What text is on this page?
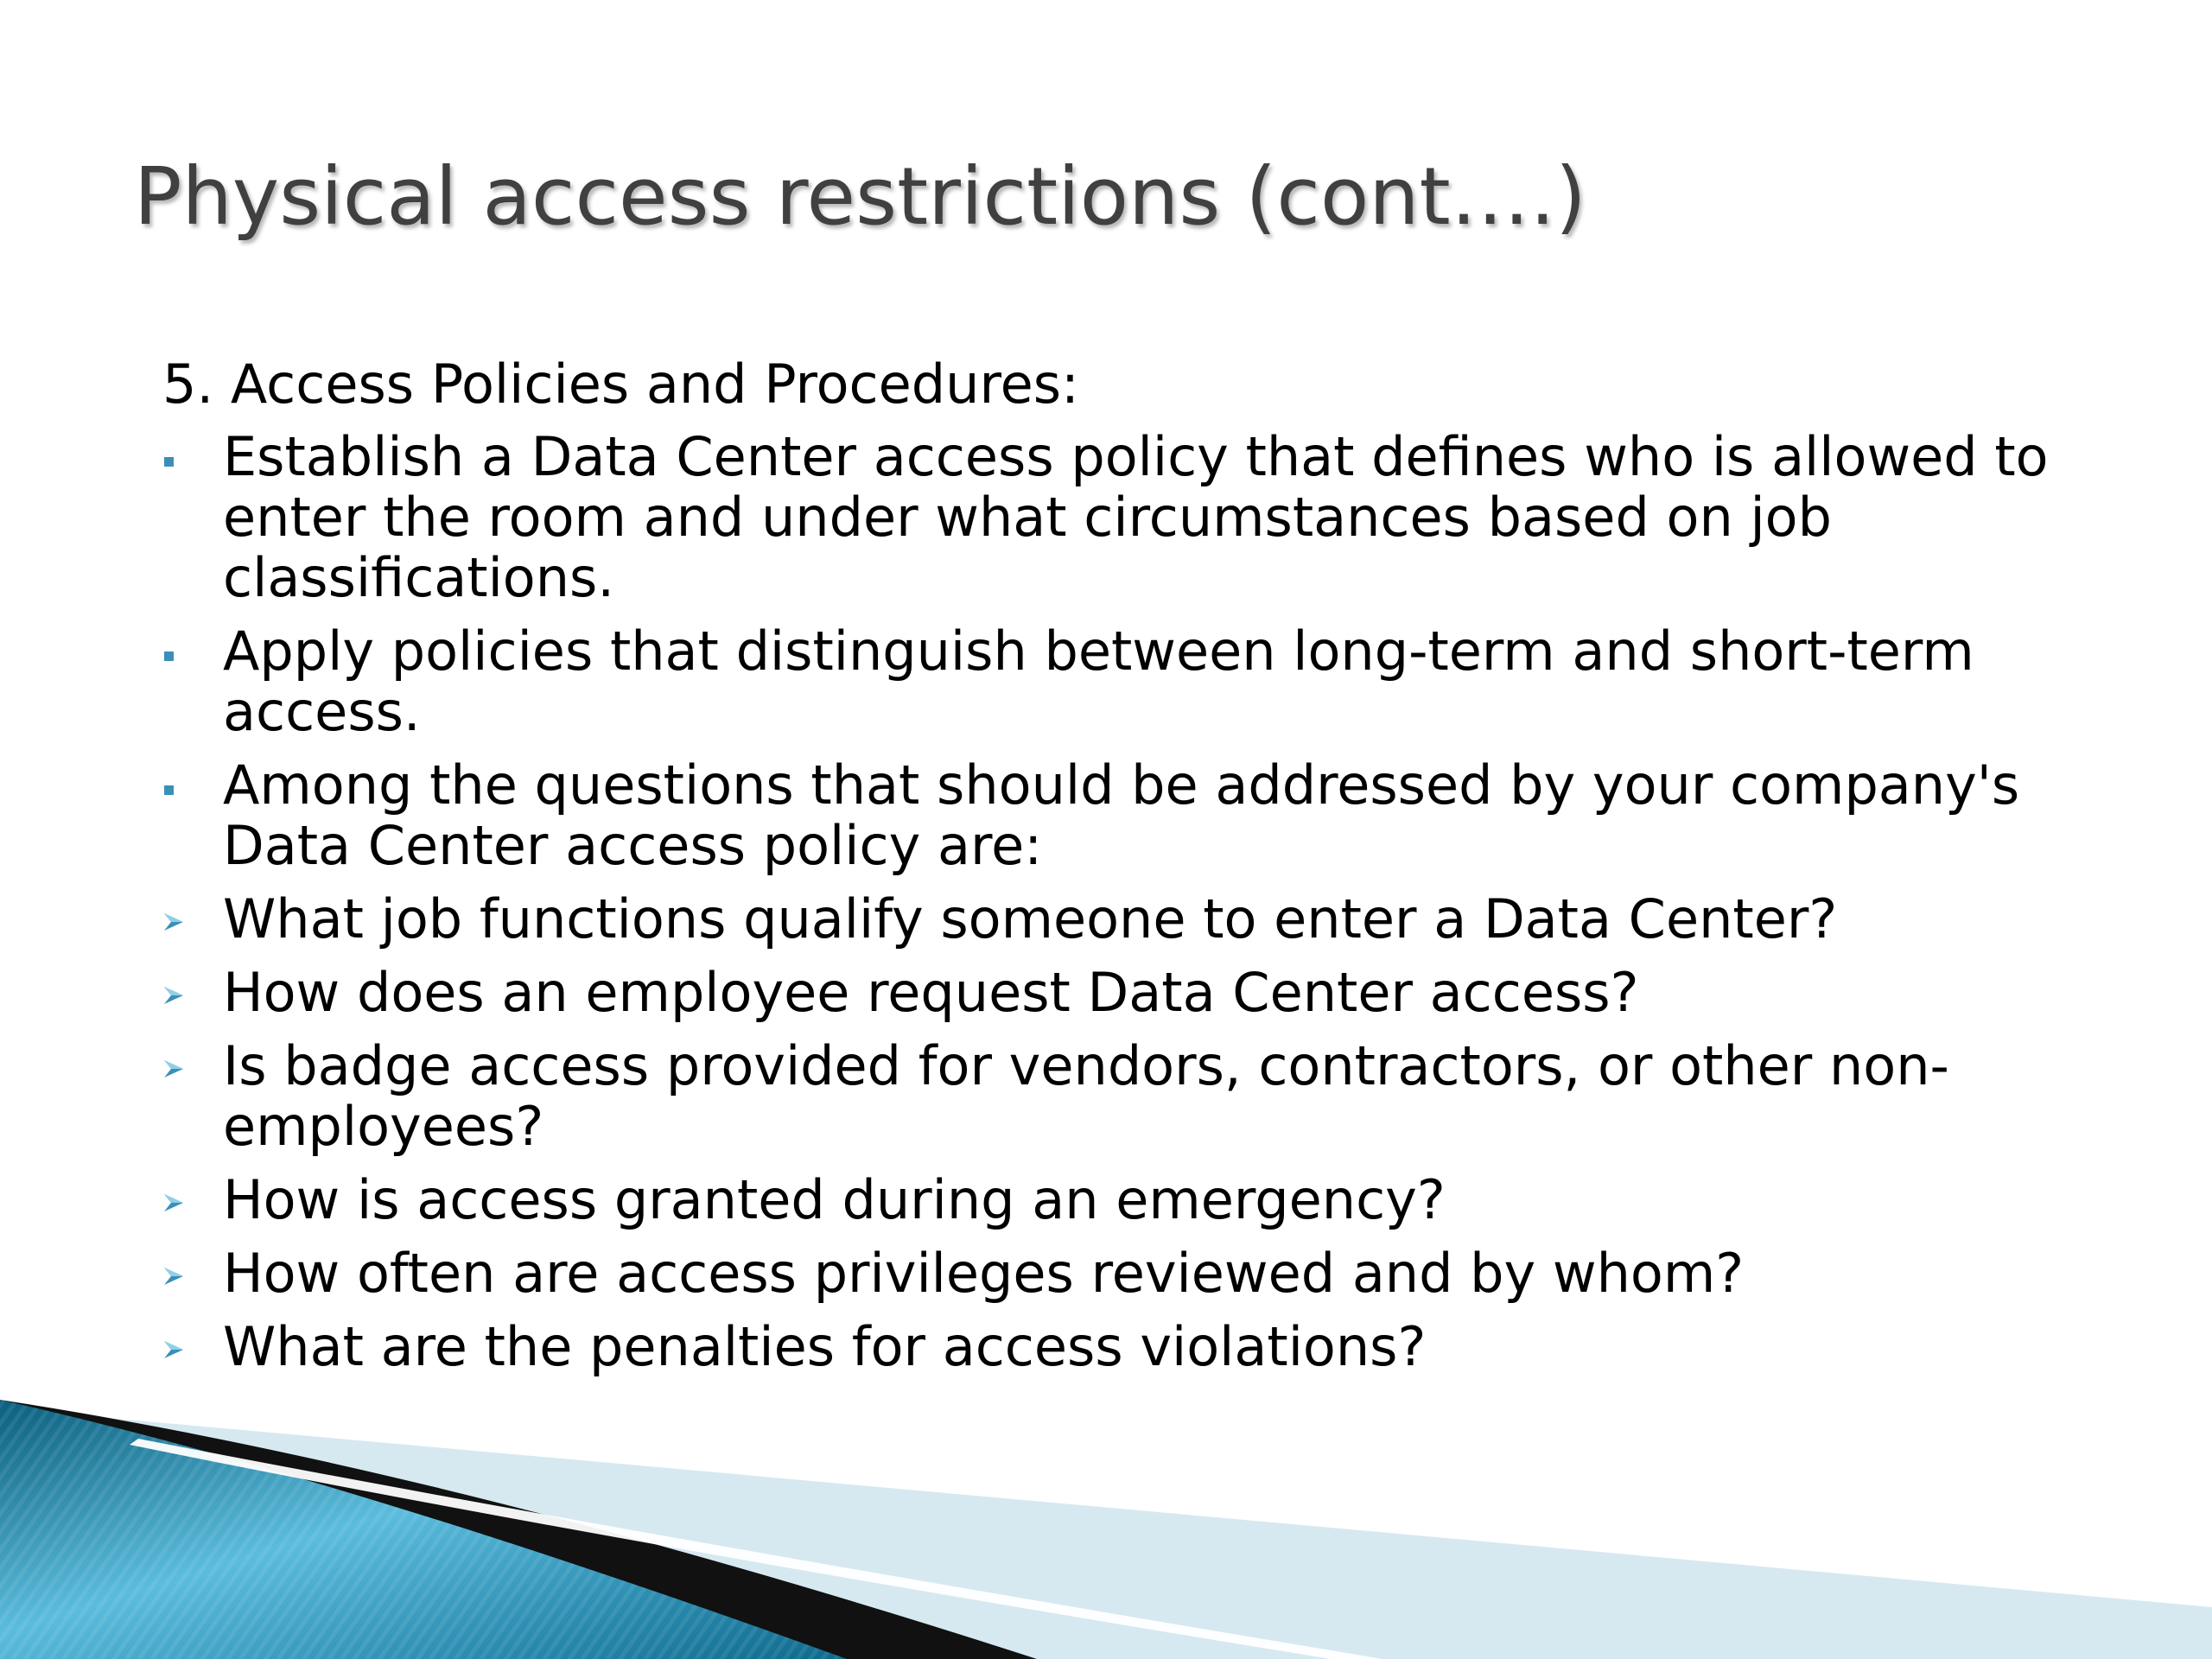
Physical access restrictions (cont….)

5. Access Policies and Procedures:

Establish a Data Center access policy that defines who is allowed to enter the room and under what circumstances based on job classifications.
Apply policies that distinguish between long-term and short-term access.
Among the questions that should be addressed by your company's Data Center access policy are:
What job functions qualify someone to enter a Data Center?
How does an employee request Data Center access?
Is badge access provided for vendors, contractors, or other non-employees?
How is access granted during an emergency?
How often are access privileges reviewed and by whom?
What are the penalties for access violations?
